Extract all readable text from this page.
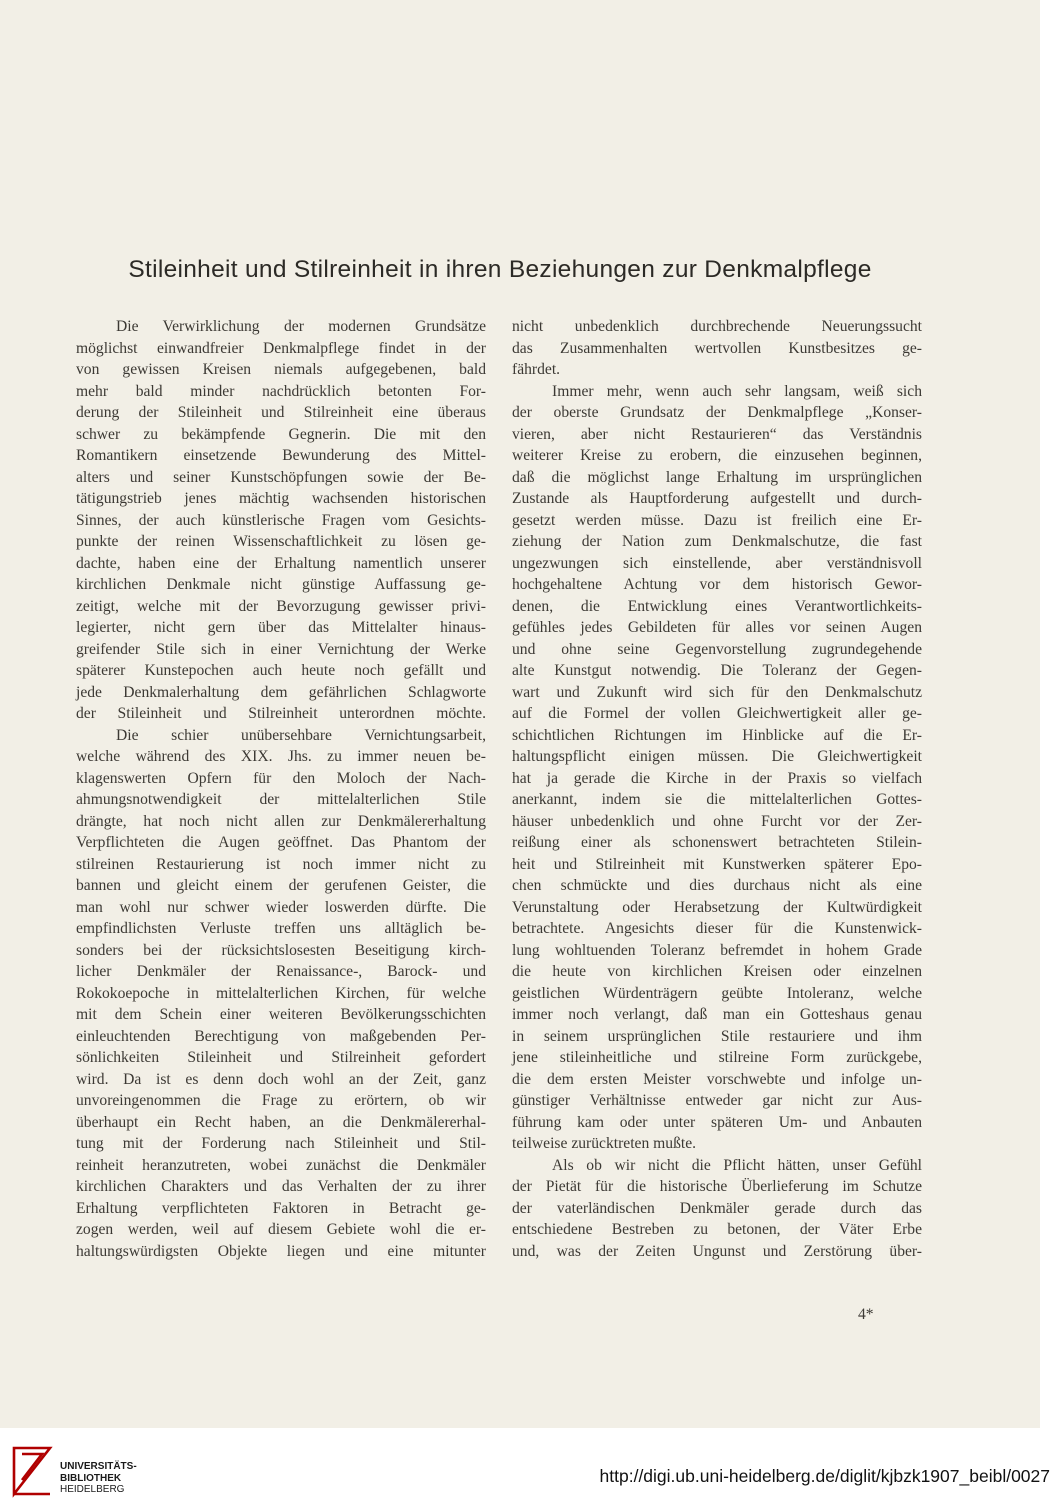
Stileinheit und Stilreinheit in ihren Beziehungen zur Denkmalpflege
Die Verwirklichung der modernen Grundsätze
möglichst einwandfreier Denkmalpflege findet in der
von gewissen Kreisen niemals aufgegebenen, bald
mehr bald minder nachdrücklich betonten For-
derung der Stileinheit und Stilreinheit eine überaus
schwer zu bekämpfende Gegnerin. Die mit den
Romantikern einsetzende Bewunderung des Mittel-
alters und seiner Kunstschöpfungen sowie der Be-
tätigungstrieb jenes mächtig wachsenden historischen
Sinnes, der auch künstlerische Fragen vom Gesichts-
punkte der reinen Wissenschaftlichkeit zu lösen ge-
dachte, haben eine der Erhaltung namentlich unserer
kirchlichen Denkmale nicht günstige Auffassung ge-
zeitigt, welche mit der Bevorzugung gewisser privi-
legierter, nicht gern über das Mittelalter hinaus-
greifender Stile sich in einer Vernichtung der Werke
späterer Kunstepochen auch heute noch gefällt und
jede Denkmalerhaltung dem gefährlichen Schlagworte
der Stileinheit und Stilreinheit unterordnen möchte.
Die schier unübersehbare Vernichtungsarbeit,
welche während des XIX. Jhs. zu immer neuen be-
klagenswerten Opfern für den Moloch der Nach-
ahmungsnotwendigkeit der mittelalterlichen Stile
drängte, hat noch nicht allen zur Denkmälererhaltung
Verpflichteten die Augen geöffnet. Das Phantom der
stilreinen Restaurierung ist noch immer nicht zu
bannen und gleicht einem der gerufenen Geister, die
man wohl nur schwer wieder loswerden dürfte. Die
empfindlichsten Verluste treffen uns alltäglich be-
sonders bei der rücksichtslosesten Beseitigung kirch-
licher Denkmäler der Renaissance-, Barock- und
Rokokoepoche in mittelalterlichen Kirchen, für welche
mit dem Schein einer weiteren Bevölkerungsschichten
einleuchtenden Berechtigung von maßgebenden Per-
sönlichkeiten Stileinheit und Stilreinheit gefordert
wird. Da ist es denn doch wohl an der Zeit, ganz
unvoreingenommen die Frage zu erörtern, ob wir
überhaupt ein Recht haben, an die Denkmälererhal-
tung mit der Forderung nach Stileinheit und Stil-
reinheit heranzutreten, wobei zunächst die Denkmäler
kirchlichen Charakters und das Verhalten der zu ihrer
Erhaltung verpflichteten Faktoren in Betracht ge-
zogen werden, weil auf diesem Gebiete wohl die er-
haltungswürdigsten Objekte liegen und eine mitunter
nicht unbedenklich durchbrechende Neuerungssucht
das Zusammenhalten wertvollen Kunstbesitzes ge-
fährdet.
Immer mehr, wenn auch sehr langsam, weiß sich
der oberste Grundsatz der Denkmalpflege „Konser-
vieren, aber nicht Restaurieren“ das Verständnis
weiterer Kreise zu erobern, die einzusehen beginnen,
daß die möglichst lange Erhaltung im ursprünglichen
Zustande als Hauptforderung aufgestellt und durch-
gesetzt werden müsse. Dazu ist freilich eine Er-
ziehung der Nation zum Denkmalschutze, die fast
ungezwungen sich einstellende, aber verständnisvoll
hochgehaltene Achtung vor dem historisch Gewor-
denen, die Entwicklung eines Verantwortlichkeits-
gefühles jedes Gebildeten für alles vor seinen Augen
und ohne seine Gegenvorstellung zugrundegehende
alte Kunstgut notwendig. Die Toleranz der Gegen-
wart und Zukunft wird sich für den Denkmalschutz
auf die Formel der vollen Gleichwertigkeit aller ge-
schichtlichen Richtungen im Hinblicke auf die Er-
haltungspflicht einigen müssen. Die Gleichwertigkeit
hat ja gerade die Kirche in der Praxis so vielfach
anerkannt, indem sie die mittelalterlichen Gottes-
häuser unbedenklich und ohne Furcht vor der Zer-
reißung einer als schonenswert betrachteten Stilein-
heit und Stilreinheit mit Kunstwerken späterer Epo-
chen schmückte und dies durchaus nicht als eine
Verunstaltung oder Herabsetzung der Kultwürdigkeit
betrachtete. Angesichts dieser für die Kunstenwick-
lung wohltuenden Toleranz befremdet in hohem Grade
die heute von kirchlichen Kreisen oder einzelnen
geistlichen Würdenträgern geübte Intoleranz, welche
immer noch verlangt, daß man ein Gotteshaus genau
in seinem ursprünglichen Stile restauriere und ihm
jene stileinheitliche und stilreine Form zurückgebe,
die dem ersten Meister vorschwebte und infolge un-
günstiger Verhältnisse entweder gar nicht zur Aus-
führung kam oder unter späteren Um- und Anbauten
teilweise zurücktreten mußte.
Als ob wir nicht die Pflicht hätten, unser Gefühl
der Pietät für die historische Überlieferung im Schutze
der vaterländischen Denkmäler gerade durch das
entschiedene Bestreben zu betonen, der Väter Erbe
und, was der Zeiten Ungunst und Zerstörung über-
4*
UNIVERSITÄTS-
BIBLIOTHEK
HEIDELBERG
http://digi.ub.uni-heidelberg.de/diglit/kjbzk1907_beibl/0027
